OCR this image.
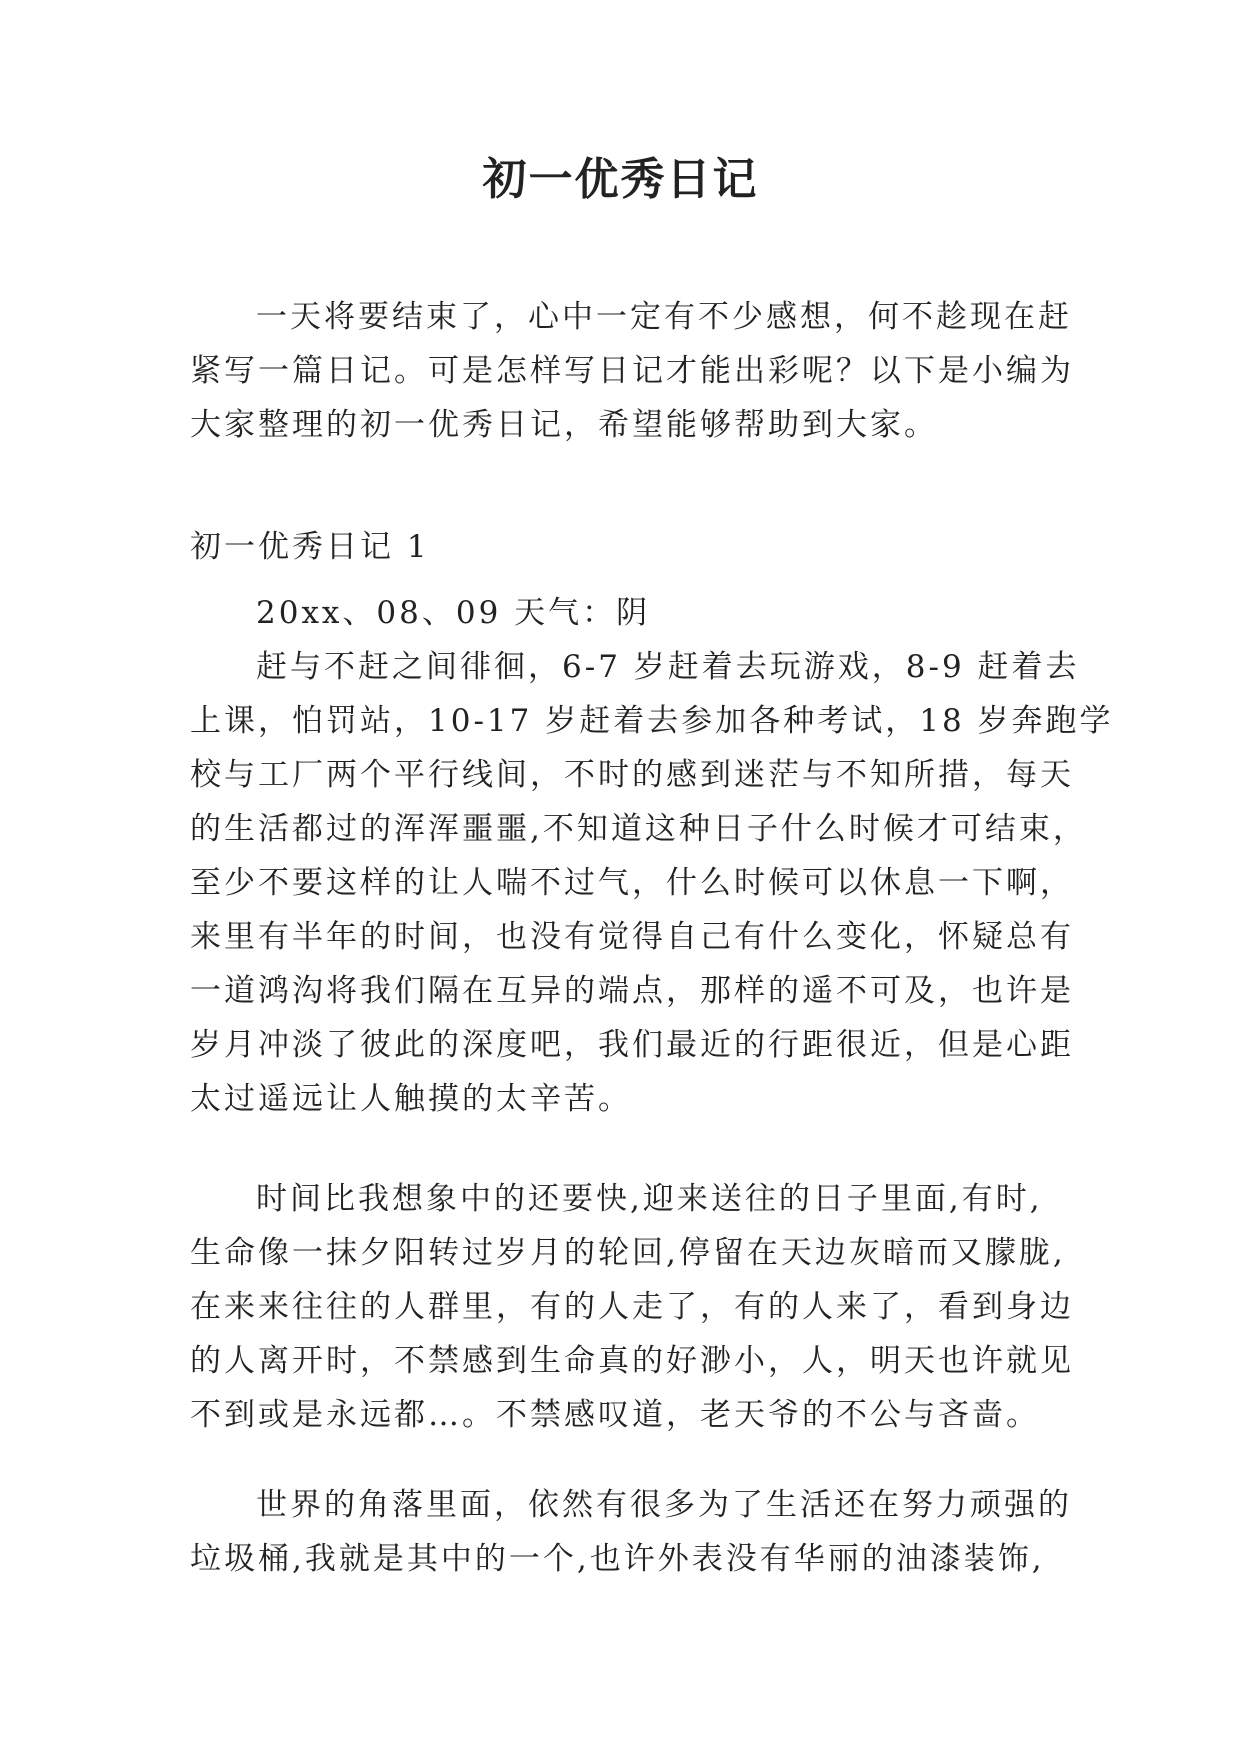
初一优秀日记
一天将要结束了，心中一定有不少感想，何不趁现在赶
紧写一篇日记。可是怎样写日记才能出彩呢？以下是小编为
大家整理的初一优秀日记，希望能够帮助到大家。
初一优秀日记 1
20xx、08、09 天气：阴
赶与不赶之间徘徊，6-7 岁赶着去玩游戏，8-9 赶着去
上课，怕罚站，10-17 岁赶着去参加各种考试，18 岁奔跑学
校与工厂两个平行线间，不时的感到迷茫与不知所措，每天
的生活都过的浑浑噩噩,不知道这种日子什么时候才可结束，
至少不要这样的让人喘不过气，什么时候可以休息一下啊，
来里有半年的时间，也没有觉得自己有什么变化，怀疑总有
一道鸿沟将我们隔在互异的端点，那样的遥不可及，也许是
岁月冲淡了彼此的深度吧，我们最近的行距很近，但是心距
太过遥远让人触摸的太辛苦。
时间比我想象中的还要快,迎来送往的日子里面,有时,
生命像一抹夕阳转过岁月的轮回,停留在天边灰暗而又朦胧,
在来来往往的人群里，有的人走了，有的人来了，看到身边
的人离开时，不禁感到生命真的好渺小，人，明天也许就见
不到或是永远都…。不禁感叹道，老天爷的不公与吝啬。
世界的角落里面，依然有很多为了生活还在努力顽强的
垃圾桶,我就是其中的一个,也许外表没有华丽的油漆装饰,
